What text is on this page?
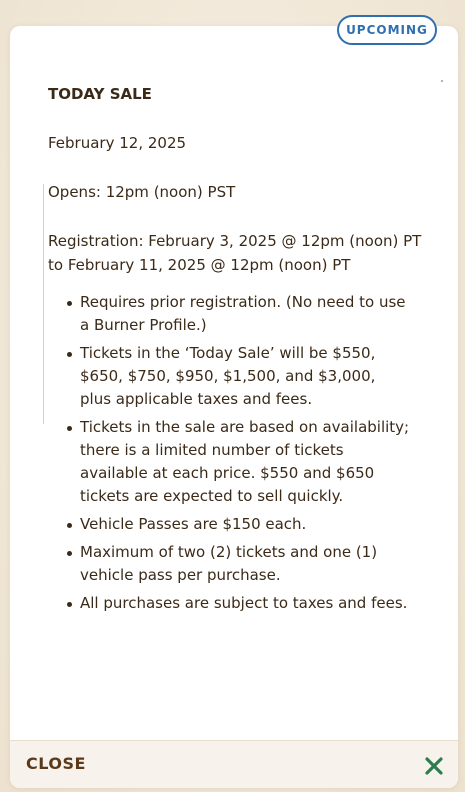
TODAY SALE

February 12, 2025

Opens: 12pm (noon) PST

Registration: February 3, 2025 @ 12pm (noon) PT to February 11, 2025 @ 12pm (noon) PT

Requires prior registration. (No need to use a Burner Profile.)
Tickets in the ‘Today Sale’ will be $550, $650, $750, $950, $1,500, and $3,000, plus applicable taxes and fees.
Tickets in the sale are based on availability; there is a limited number of tickets available at each price. $550 and $650 tickets are expected to sell quickly.
Vehicle Passes are $150 each.
Maximum of two (2) tickets and one (1) vehicle pass per purchase.
All purchases are subject to taxes and fees.
CLOSE
UPCOMING
